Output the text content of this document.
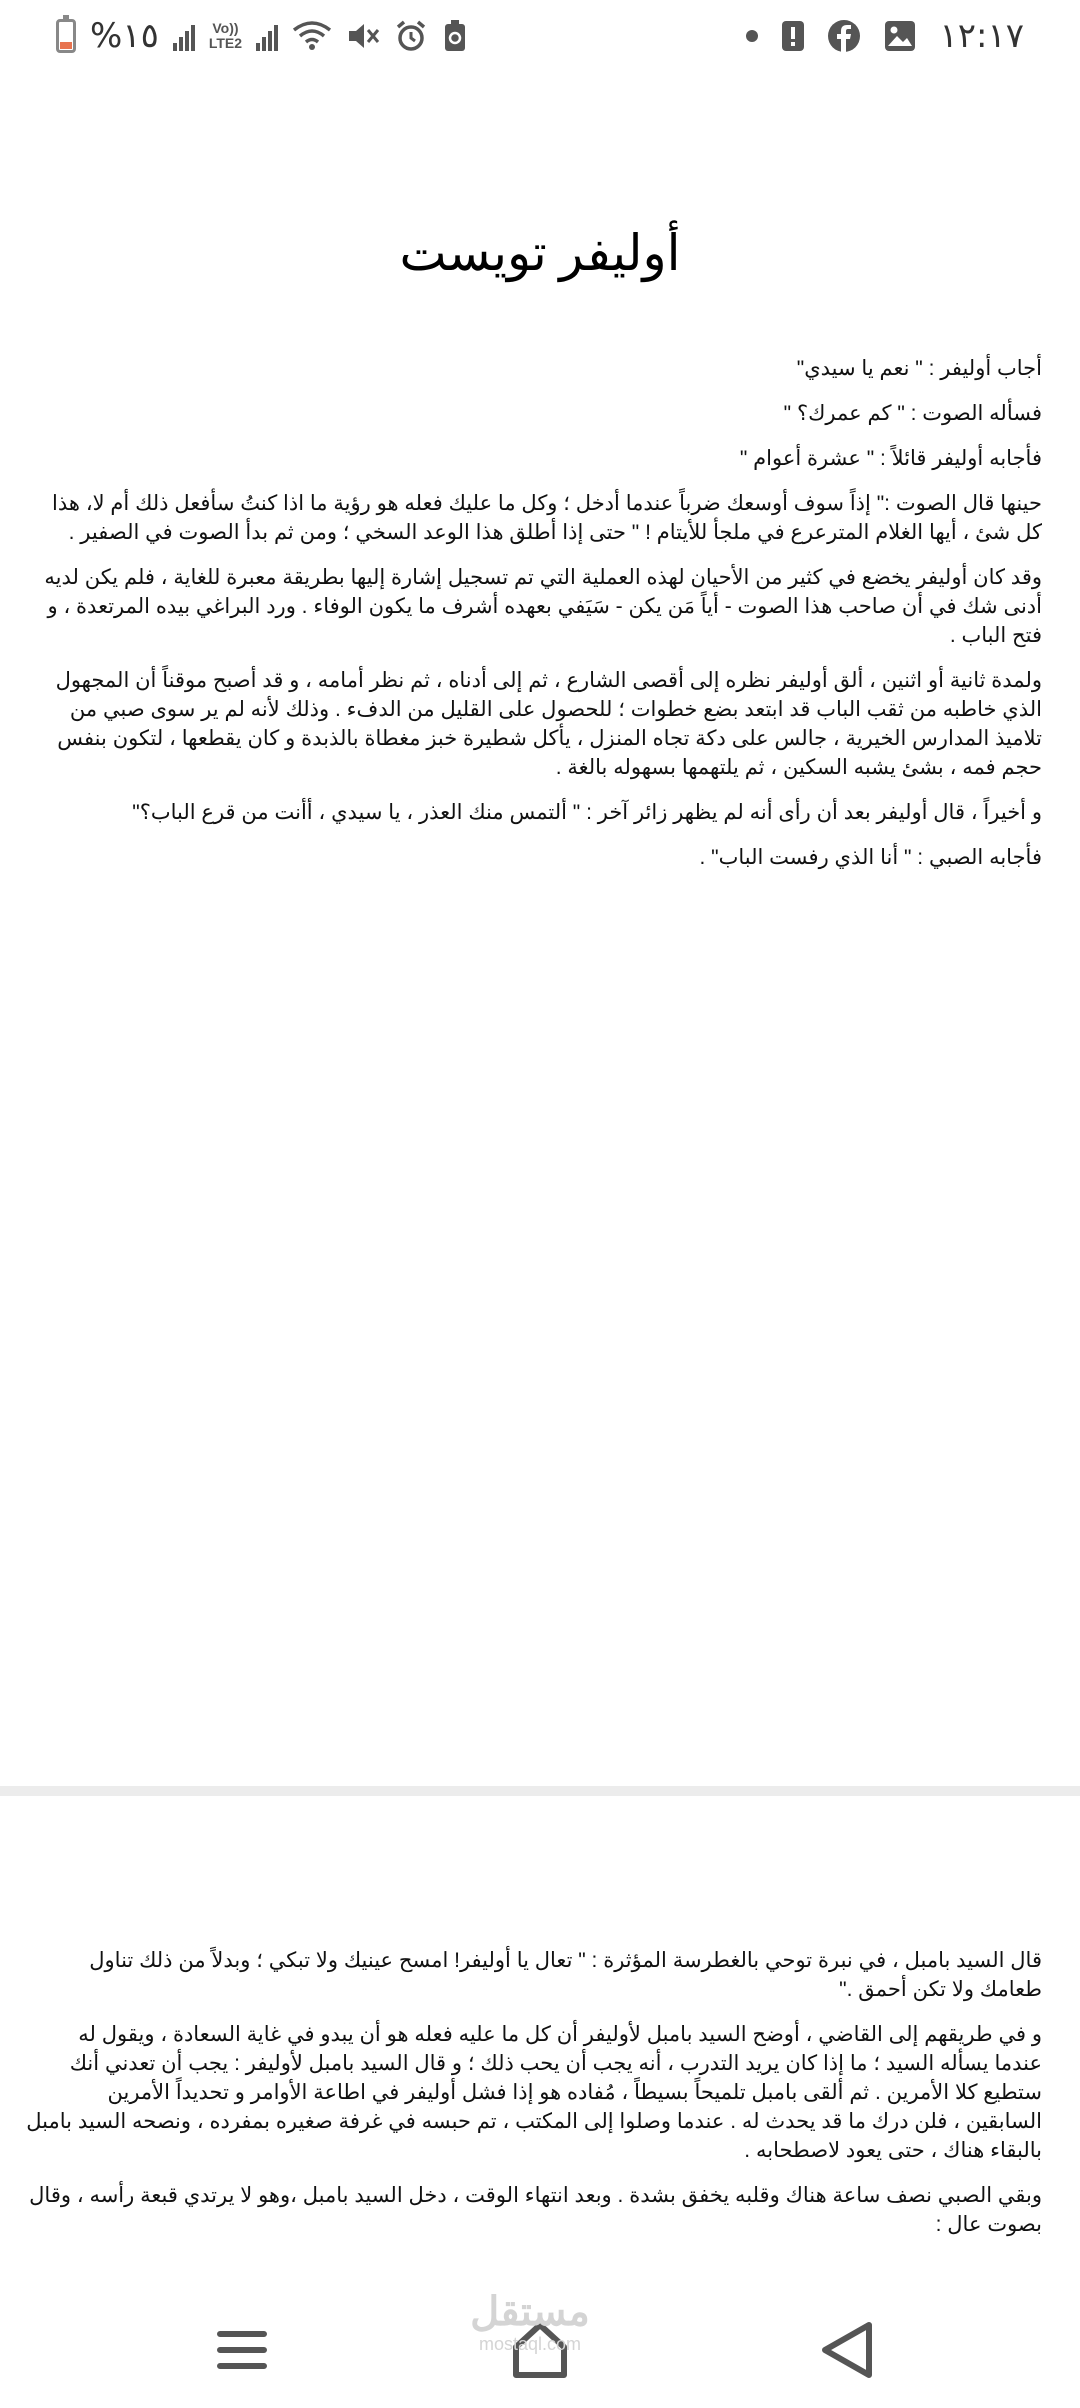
%١٥	Vo))
LTE2	١٢:١٧
أوليفر تويست

أجاب أوليفر : " نعم يا سيدي"

فسأله الصوت : " كم عمرك؟ "

فأجابه أوليفر قائلاً : " عشرة أعوام "

حينها قال الصوت :" إذاً سوف أوسعك ضرباً عندما أدخل ؛ وكل ما عليك فعله هو رؤية ما اذا كنتُ سأفعل ذلك أم لا، هذا كل شئ ، أيها الغلام المترعرع في ملجأ للأيتام ! " حتى إذا أطلق هذا الوعد السخي ؛ ومن ثم بدأ الصوت في الصفير .

وقد كان أوليفر يخضع في كثير من الأحيان لهذه العملية التي تم تسجيل إشارة إليها بطريقة معبرة للغاية ، فلم يكن لديه أدنى شك في أن صاحب هذا الصوت - أياً مَن يكن - سَيَفي بعهده أشرف ما يكون الوفاء . ورد البراغي بيده المرتعدة ، و فتح الباب .

ولمدة ثانية أو اثنين ، ألق أوليفر نظره إلى أقصى الشارع ، ثم إلى أدناه ، ثم نظر أمامه ، و قد أصبح موقناً أن المجهول الذي خاطبه من ثقب الباب قد ابتعد بضع خطوات ؛ للحصول على القليل من الدفء . وذلك لأنه لم ير سوى صبي من تلاميذ المدارس الخيرية ، جالس على دكة تجاه المنزل ، يأكل شطيرة خبز مغطاة بالذبدة و كان يقطعها ، لتكون بنفس حجم فمه ، بشئ يشبه السكين ، ثم يلتهمها بسهوله بالغة .

و أخيراً ، قال أوليفر بعد أن رأى أنه لم يظهر زائر آخر : " ألتمس منك العذر ، يا سيدي ، أأنت من قرع الباب؟"

فأجابه الصبي : " أنا الذي رفست الباب" .

قال السيد بامبل ، في نبرة توحي بالغطرسة المؤثرة : " تعال يا أوليفر! امسح عينيك ولا تبكي ؛ وبدلاً من ذلك تناول طعامك ولا تكن أحمق ."

و في طريقهم إلى القاضي ، أوضح السيد بامبل لأوليفر أن كل ما عليه فعله هو أن يبدو في غاية السعادة ، ويقول له عندما يسأله السيد ؛ ما إذا كان يريد التدرب ، أنه يجب أن يحب ذلك ؛ و قال السيد بامبل لأوليفر : يجب أن تعدني أنك ستطيع كلا الأمرين . ثم ألقى بامبل تلميحاً بسيطاً ، مُفاده هو إذا فشل أوليفر في اطاعة الأوامر و تحديداً الأمرين السابقين ، فلن درك ما قد يحدث له . عندما وصلوا إلى المكتب ، تم حبسه في غرفة صغيره بمفرده ، ونصحه السيد بامبل بالبقاء هناك ، حتى يعود لاصطحابه .

وبقي الصبي نصف ساعة هناك وقلبه يخفق بشدة . وبعد انتهاء الوقت ، دخل السيد بامبل ،وهو لا يرتدي قبعة رأسه ، وقال بصوت عال :

مستقل
mostaql.com
